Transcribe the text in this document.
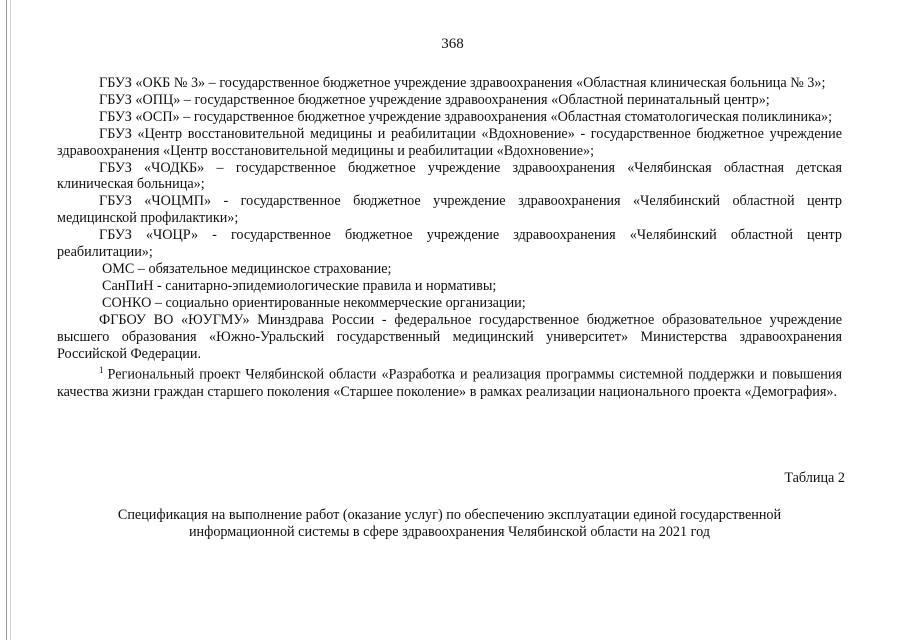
368

ГБУЗ «ОКБ № 3» – государственное бюджетное учреждение здравоохранения «Областная клиническая больница № 3»;

ГБУЗ «ОПЦ» – государственное бюджетное учреждение здравоохранения «Областной перинатальный центр»;

ГБУЗ «ОСП» – государственное бюджетное учреждение здравоохранения «Областная стоматологическая поликлиника»;

ГБУЗ «Центр восстановительной медицины и реабилитации «Вдохновение» - государственное бюджетное учреждение здравоохранения «Центр восстановительной медицины и реабилитации «Вдохновение»;

ГБУЗ «ЧОДКБ» – государственное бюджетное учреждение здравоохранения «Челябинская областная детская клиническая больница»;

ГБУЗ «ЧОЦМП» - государственное бюджетное учреждение здравоохранения «Челябинский областной центр медицинской профилактики»;

ГБУЗ «ЧОЦР» - государственное бюджетное учреждение здравоохранения «Челябинский областной центр реабилитации»;

ОМС – обязательное медицинское страхование;

СанПиН - санитарно-эпидемиологические правила и нормативы;

СОНКО – социально ориентированные некоммерческие организации;

ФГБОУ ВО «ЮУГМУ» Минздрава России - федеральное государственное бюджетное образовательное учреждение высшего образования «Южно-Уральский государственный медицинский университет» Министерства здравоохранения Российской Федерации.

$^1$ Региональный проект Челябинской области «Разработка и реализация программы системной поддержки и повышения качества жизни граждан старшего поколения «Старшее поколение» в рамках реализации национального проекта «Демография».

Таблица 2
Спецификация на выполнение работ (оказание услуг) по обеспечению эксплуатации единой государственной
информационной системы в сфере здравоохранения Челябинской области на 2021 год
